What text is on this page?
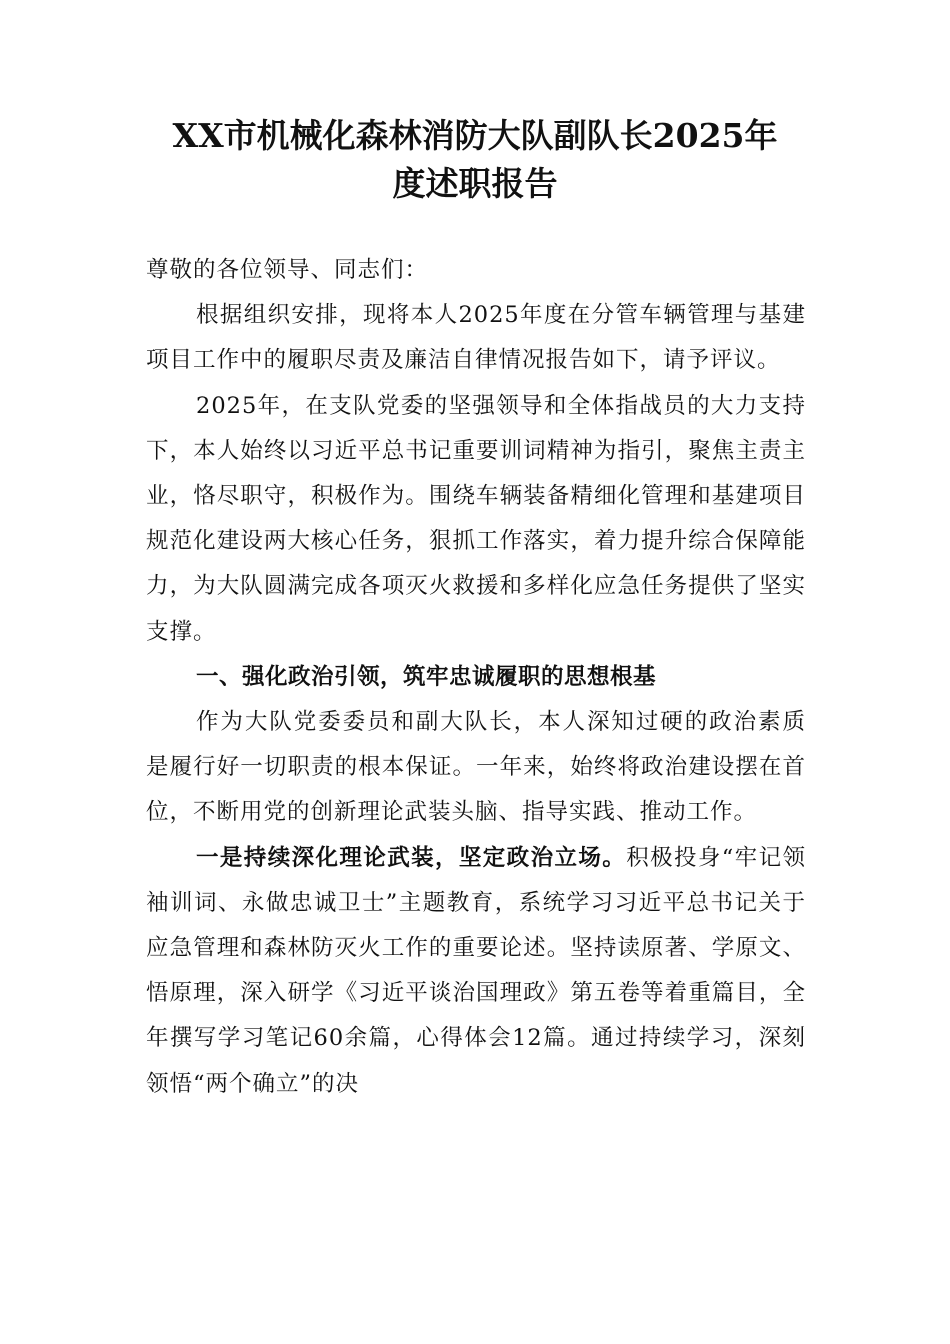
XX市机械化森林消防大队副队长2025年
度述职报告

尊敬的各位领导、同志们：

根据组织安排，现将本人2025年度在分管车辆管理与基建项目工作中的履职尽责及廉洁自律情况报告如下，请予评议。

2025年，在支队党委的坚强领导和全体指战员的大力支持下，本人始终以习近平总书记重要训词精神为指引，聚焦主责主业，恪尽职守，积极作为。围绕车辆装备精细化管理和基建项目规范化建设两大核心任务，狠抓工作落实，着力提升综合保障能力，为大队圆满完成各项灭火救援和多样化应急任务提供了坚实支撑。

一、强化政治引领，筑牢忠诚履职的思想根基

作为大队党委委员和副大队长，本人深知过硬的政治素质是履行好一切职责的根本保证。一年来，始终将政治建设摆在首位，不断用党的创新理论武装头脑、指导实践、推动工作。

一是持续深化理论武装，坚定政治立场。积极投身“牢记领袖训词、永做忠诚卫士”主题教育，系统学习习近平总书记关于应急管理和森林防灭火工作的重要论述。坚持读原著、学原文、悟原理，深入研学《习近平谈治国理政》第五卷等着重篇目，全年撰写学习笔记60余篇，心得体会12篇。通过持续学习，深刻领悟“两个确立”的决
